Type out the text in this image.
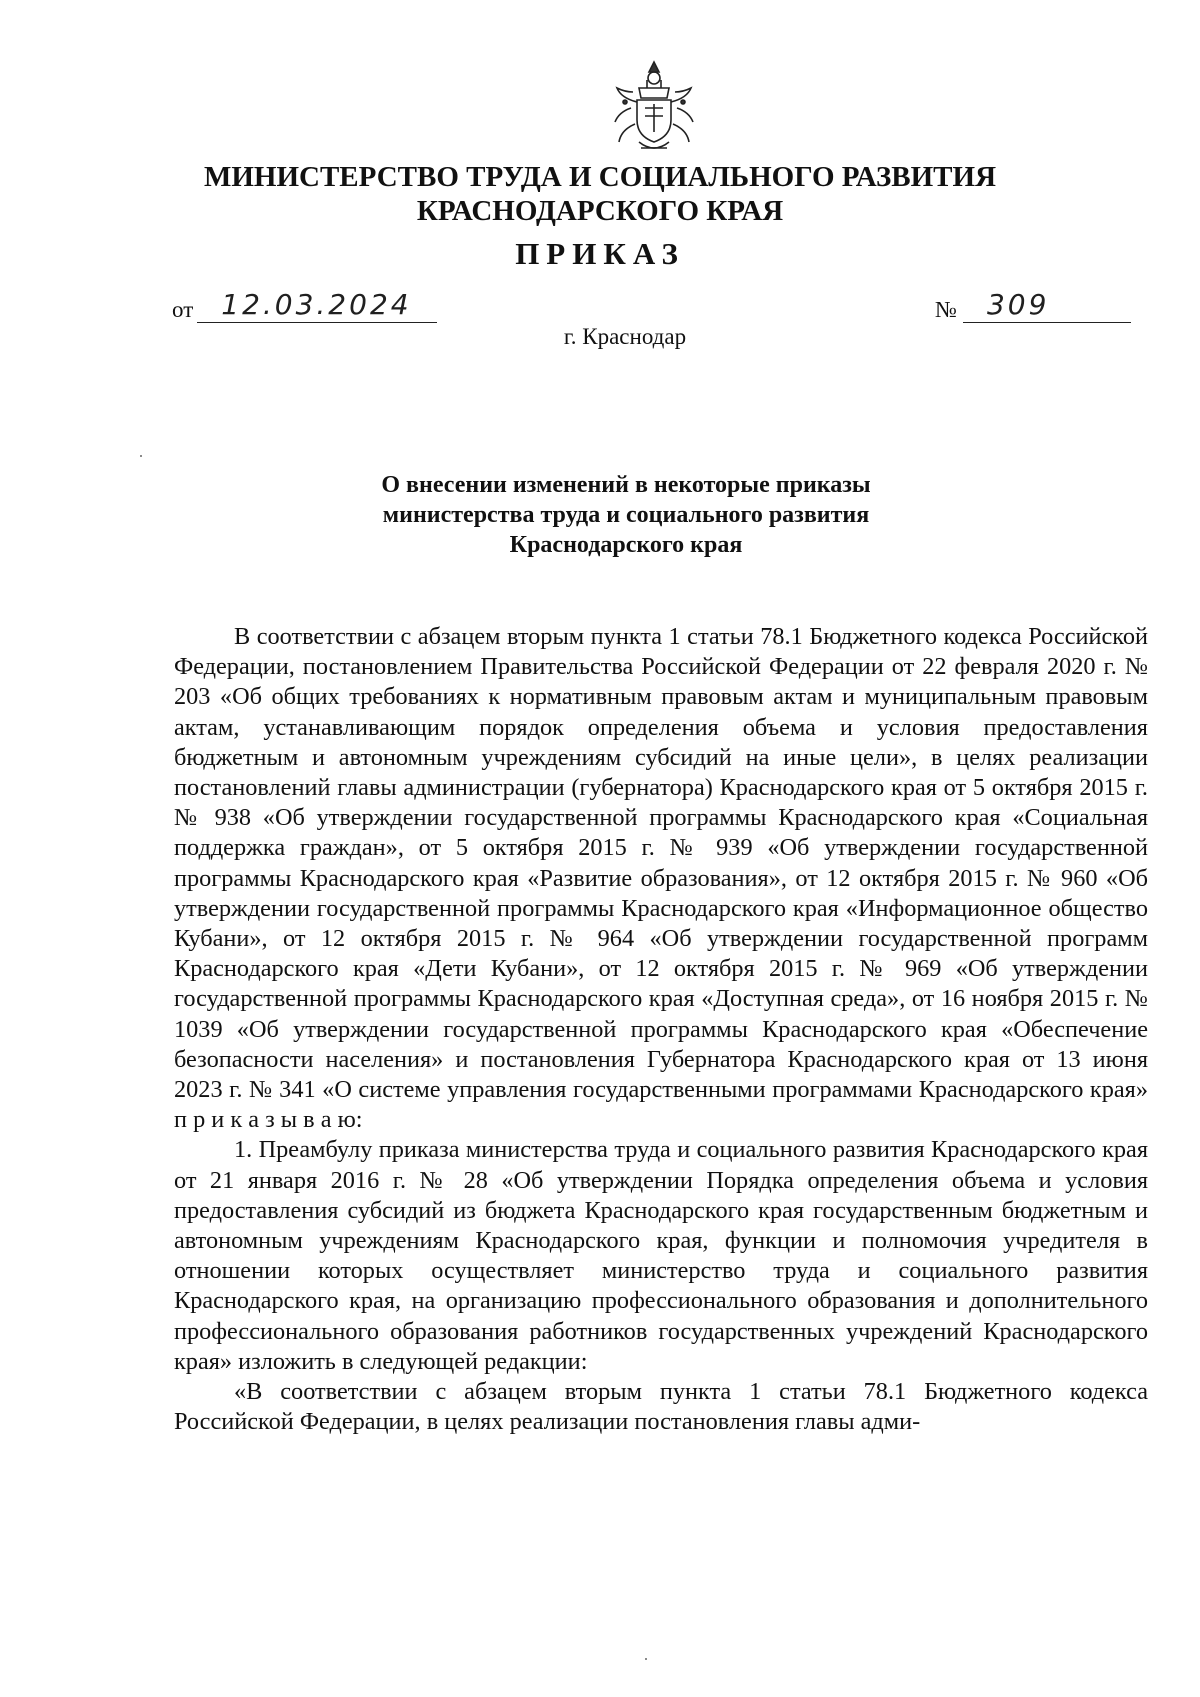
МИНИСТЕРСТВО ТРУДА И СОЦИАЛЬНОГО РАЗВИТИЯ
КРАСНОДАРСКОГО КРАЯ
ПРИКАЗ
от	12.03.2024	№	309
г. Краснодар
О внесении изменений в некоторые приказы
министерства труда и социального развития
Краснодарского края

В соответствии с абзацем вторым пункта 1 статьи 78.1 Бюджетного кодекса Российской Федерации, постановлением Правительства Российской Федерации от 22 февраля 2020 г. № 203 «Об общих требованиях к нормативным правовым актам и муниципальным правовым актам, устанавливающим порядок определения объема и условия предоставления бюджетным и автономным учреждениям субсидий на иные цели», в целях реализации постановлений главы администрации (губернатора) Краснодарского края от 5 октября 2015 г. № 938 «Об утверждении государственной программы Краснодарского края «Социальная поддержка граждан», от 5 октября 2015 г. № 939 «Об утверждении государственной программы Краснодарского края «Развитие образования», от 12 октября 2015 г. № 960 «Об утверждении государственной программы Краснодарского края «Информационное общество Кубани», от 12 октября 2015 г. № 964 «Об утверждении государственной программ Краснодарского края «Дети Кубани», от 12 октября 2015 г. № 969 «Об утверждении государственной программы Краснодарского края «Доступная среда», от 16 ноября 2015 г. № 1039 «Об утверждении государственной программы Краснодарского края «Обеспечение безопасности населения» и постановления Губернатора Краснодарского края от 13 июня 2023 г. № 341 «О системе управления государственными программами Краснодарского края» п р и к а з ы в а ю:

1. Преамбулу приказа министерства труда и социального развития Краснодарского края от 21 января 2016 г. № 28 «Об утверждении Порядка определения объема и условия предоставления субсидий из бюджета Краснодарского края государственным бюджетным и автономным учреждениям Краснодарского края, функции и полномочия учредителя в отношении которых осуществляет министерство труда и социального развития Краснодарского края, на организацию профессионального образования и дополнительного профессионального образования работников государственных учреждений Краснодарского края» изложить в следующей редакции:

«В соответствии с абзацем вторым пункта 1 статьи 78.1 Бюджетного кодекса Российской Федерации, в целях реализации постановления главы адми-
